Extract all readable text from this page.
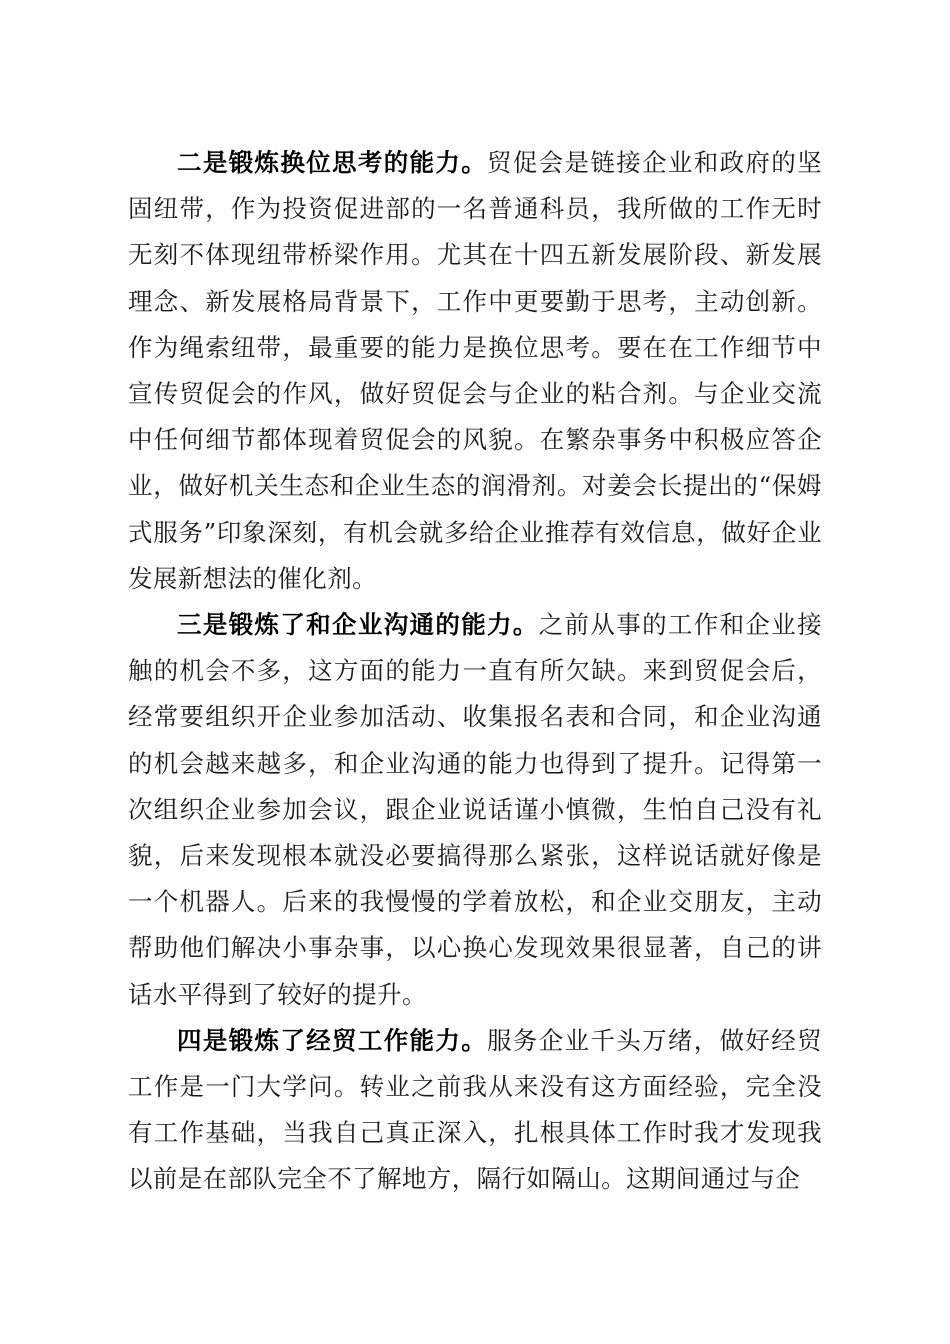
二是锻炼换位思考的能力。贸促会是链接企业和政府的坚固纽带，作为投资促进部的一名普通科员，我所做的工作无时无刻不体现纽带桥梁作用。尤其在十四五新发展阶段、新发展理念、新发展格局背景下，工作中更要勤于思考，主动创新。作为绳索纽带，最重要的能力是换位思考。要在在工作细节中宣传贸促会的作风，做好贸促会与企业的粘合剂。与企业交流中任何细节都体现着贸促会的风貌。在繁杂事务中积极应答企业，做好机关生态和企业生态的润滑剂。对姜会长提出的“保姆式服务”印象深刻，有机会就多给企业推荐有效信息，做好企业发展新想法的催化剂。

三是锻炼了和企业沟通的能力。之前从事的工作和企业接触的机会不多，这方面的能力一直有所欠缺。来到贸促会后，经常要组织开企业参加活动、收集报名表和合同，和企业沟通的机会越来越多，和企业沟通的能力也得到了提升。记得第一次组织企业参加会议，跟企业说话谨小慎微，生怕自己没有礼貌，后来发现根本就没必要搞得那么紧张，这样说话就好像是一个机器人。后来的我慢慢的学着放松，和企业交朋友，主动帮助他们解决小事杂事，以心换心发现效果很显著，自己的讲话水平得到了较好的提升。

四是锻炼了经贸工作能力。服务企业千头万绪，做好经贸工作是一门大学问。转业之前我从来没有这方面经验，完全没有工作基础，当我自己真正深入，扎根具体工作时我才发现我以前是在部队完全不了解地方，隔行如隔山。这期间通过与企
